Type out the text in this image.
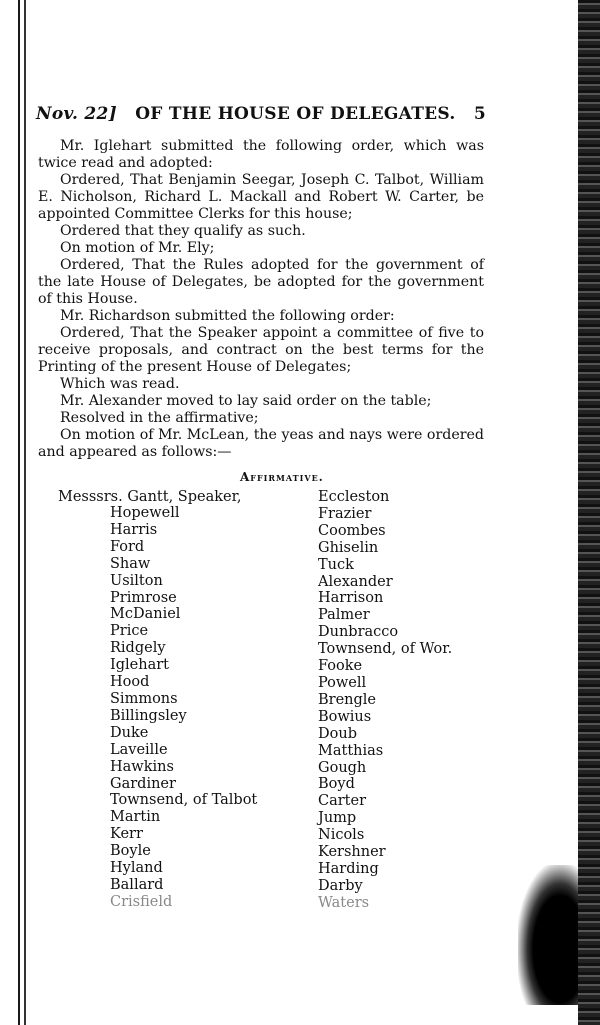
Nov. 22] OF THE HOUSE OF DELEGATES. 5

Mr. Iglehart submitted the following order, which was twice read and adopted:

Ordered, That Benjamin Seegar, Joseph C. Talbot, William E. Nicholson, Richard L. Mackall and Robert W. Carter, be appointed Committee Clerks for this house;

Ordered that they qualify as such.

On motion of Mr. Ely;

Ordered, That the Rules adopted for the government of the late House of Delegates, be adopted for the government of this House.

Mr. Richardson submitted the following order:

Ordered, That the Speaker appoint a committee of five to receive proposals, and contract on the best terms for the Printing of the present House of Delegates;

Which was read.

Mr. Alexander moved to lay said order on the table;

Resolved in the affirmative;

On motion of Mr. McLean, the yeas and nays were ordered and appeared as follows:—

Affirmative.
Messsrs. Gantt, Speaker,
Hopewell
Harris
Ford
Shaw
Usilton
Primrose
McDaniel
Price
Ridgely
Iglehart
Hood
Simmons
Billingsley
Duke
Laveille
Hawkins
Gardiner
Townsend, of Talbot
Martin
Kerr
Boyle
Hyland
Ballard
Crisfield
Eccleston
Frazier
Coombes
Ghiselin
Tuck
Alexander
Harrison
Palmer
Dunbracco
Townsend, of Wor.
Fooke
Powell
Brengle
Bowius
Doub
Matthias
Gough
Boyd
Carter
Jump
Nicols
Kershner
Harding
Darby
Waters
